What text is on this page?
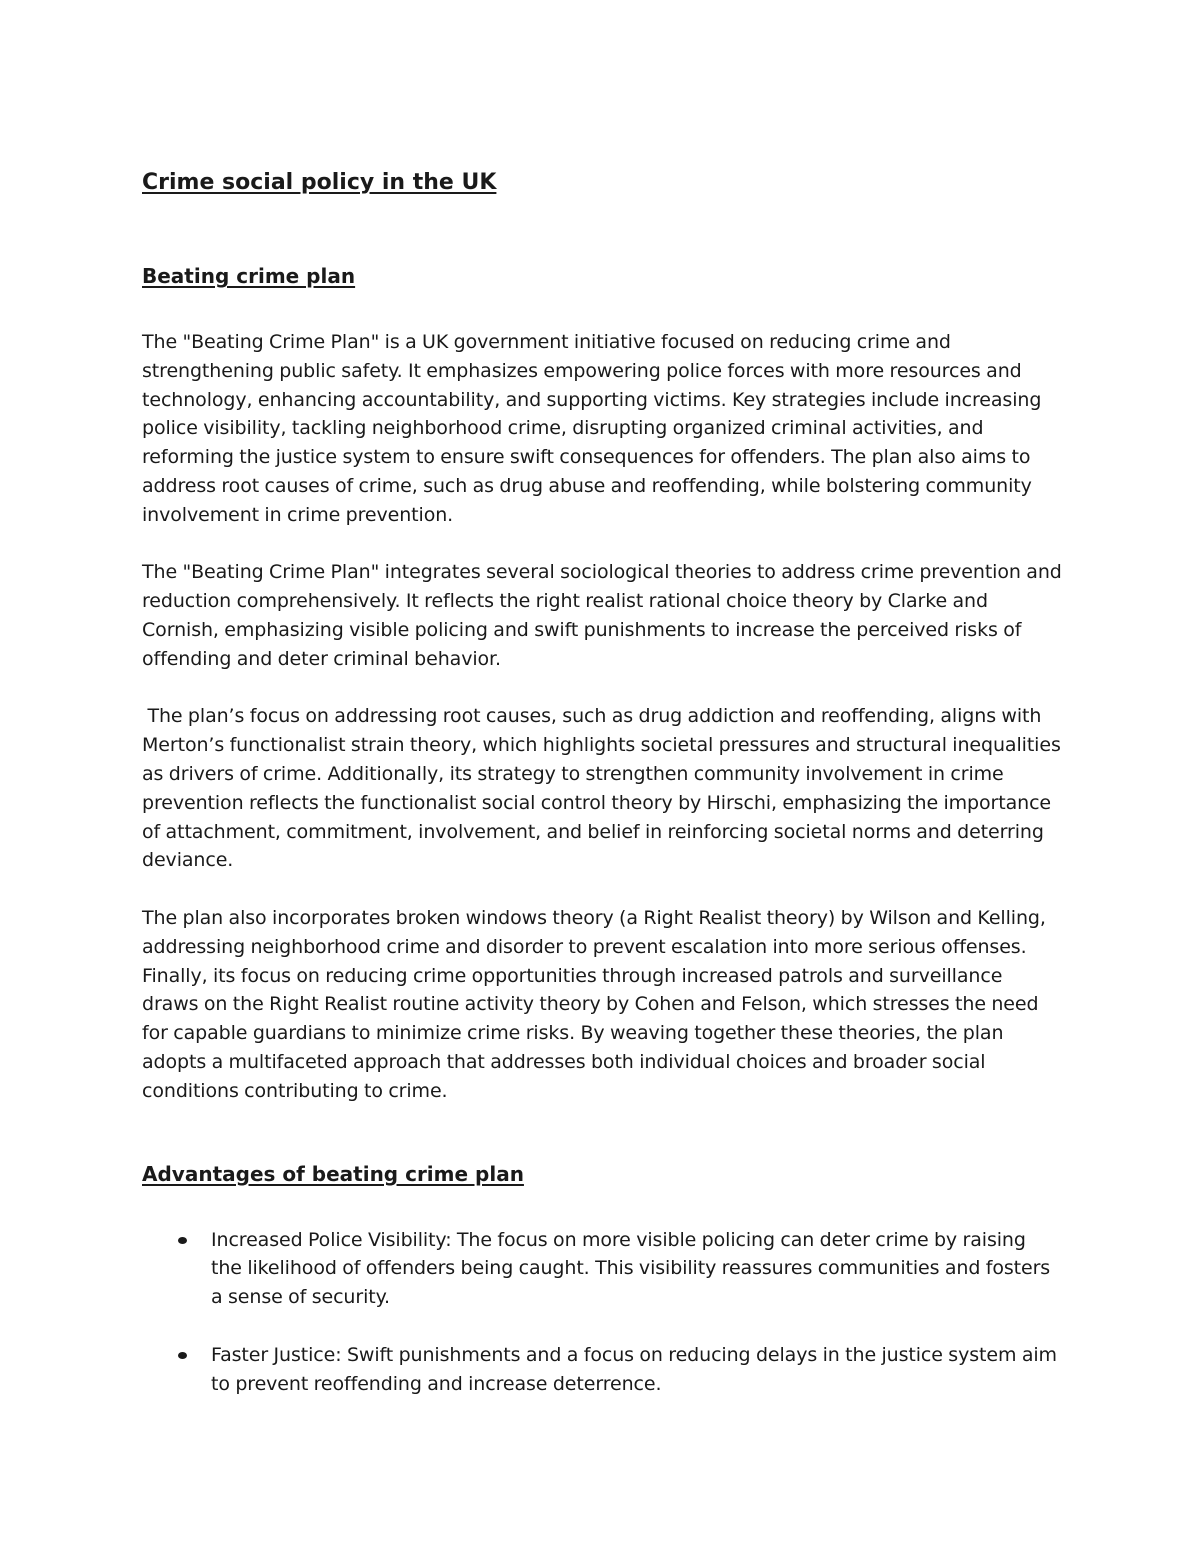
Crime social policy in the UK
Beating crime plan

The "Beating Crime Plan" is a UK government initiative focused on reducing crime and strengthening public safety. It emphasizes empowering police forces with more resources and technology, enhancing accountability, and supporting victims. Key strategies include increasing police visibility, tackling neighborhood crime, disrupting organized criminal activities, and reforming the justice system to ensure swift consequences for offenders. The plan also aims to address root causes of crime, such as drug abuse and reoffending, while bolstering community involvement in crime prevention.

The "Beating Crime Plan" integrates several sociological theories to address crime prevention and reduction comprehensively. It reflects the right realist rational choice theory by Clarke and Cornish, emphasizing visible policing and swift punishments to increase the perceived risks of offending and deter criminal behavior.

The plan’s focus on addressing root causes, such as drug addiction and reoffending, aligns with Merton’s functionalist strain theory, which highlights societal pressures and structural inequalities as drivers of crime. Additionally, its strategy to strengthen community involvement in crime prevention reflects the functionalist social control theory by Hirschi, emphasizing the importance of attachment, commitment, involvement, and belief in reinforcing societal norms and deterring deviance.

The plan also incorporates broken windows theory (a Right Realist theory) by Wilson and Kelling, addressing neighborhood crime and disorder to prevent escalation into more serious offenses. Finally, its focus on reducing crime opportunities through increased patrols and surveillance draws on the Right Realist routine activity theory by Cohen and Felson, which stresses the need for capable guardians to minimize crime risks. By weaving together these theories, the plan adopts a multifaceted approach that addresses both individual choices and broader social conditions contributing to crime.

Advantages of beating crime plan
Increased Police Visibility: The focus on more visible policing can deter crime by raising the likelihood of offenders being caught. This visibility reassures communities and fosters a sense of security.
Faster Justice: Swift punishments and a focus on reducing delays in the justice system aim to prevent reoffending and increase deterrence.
